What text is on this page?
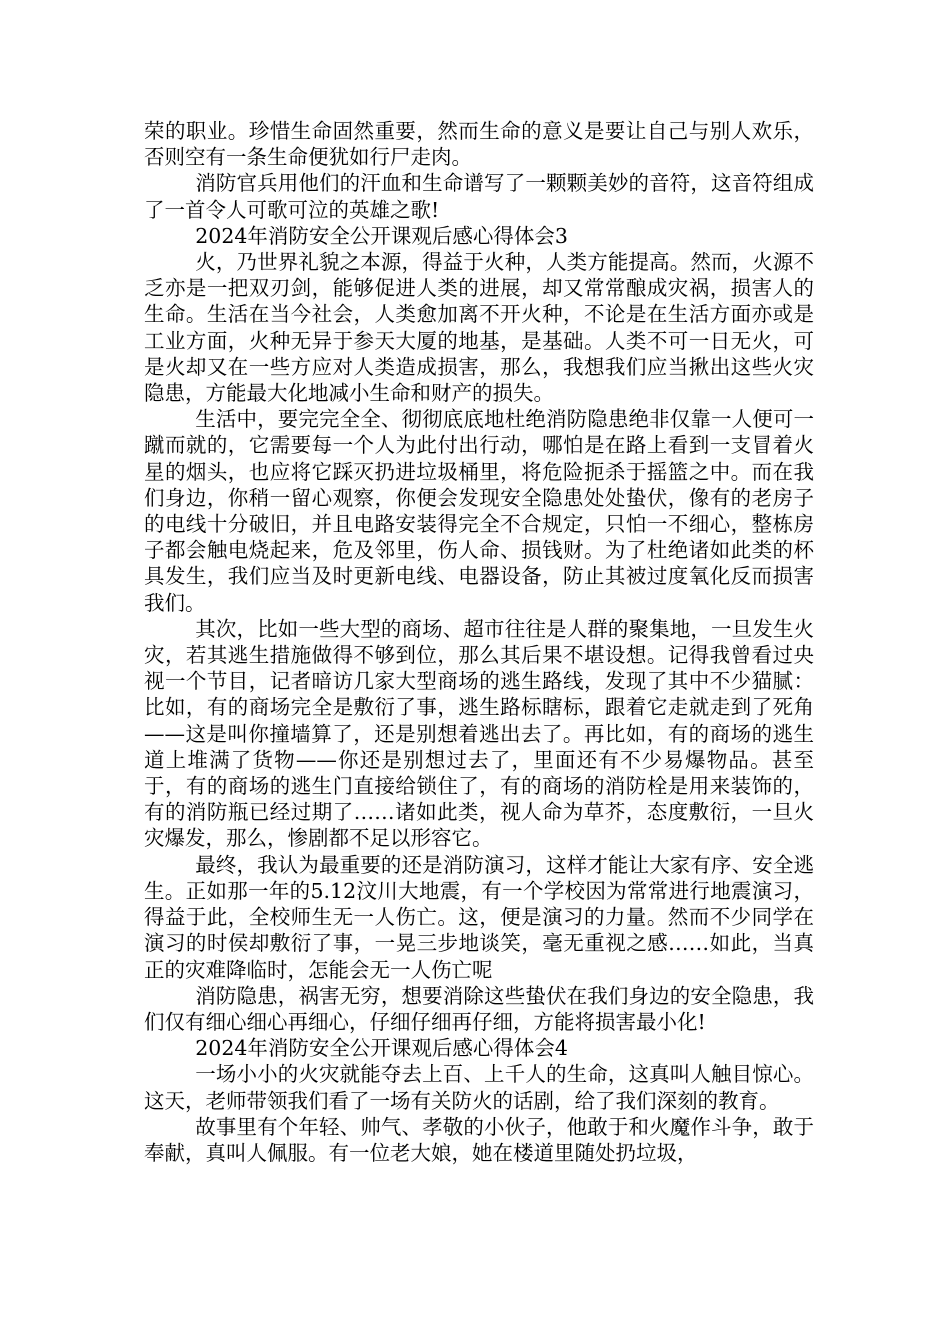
荣的职业。珍惜生命固然重要，然而生命的意义是要让自己与别人欢乐，否则空有一条生命便犹如行尸走肉。

消防官兵用他们的汗血和生命谱写了一颗颗美妙的音符，这音符组成了一首令人可歌可泣的英雄之歌!

2024年消防安全公开课观后感心得体会3

火，乃世界礼貌之本源，得益于火种，人类方能提高。然而，火源不乏亦是一把双刃剑，能够促进人类的进展，却又常常酿成灾祸，损害人的生命。生活在当今社会，人类愈加离不开火种，不论是在生活方面亦或是工业方面，火种无异于参天大厦的地基，是基础。人类不可一日无火，可是火却又在一些方应对人类造成损害，那么，我想我们应当揪出这些火灾隐患，方能最大化地减小生命和财产的损失。

生活中，要完完全全、彻彻底底地杜绝消防隐患绝非仅靠一人便可一蹴而就的，它需要每一个人为此付出行动，哪怕是在路上看到一支冒着火星的烟头，也应将它踩灭扔进垃圾桶里，将危险扼杀于摇篮之中。而在我们身边，你稍一留心观察，你便会发现安全隐患处处蛰伏，像有的老房子的电线十分破旧，并且电路安装得完全不合规定，只怕一不细心，整栋房子都会触电烧起来，危及邻里，伤人命、损钱财。为了杜绝诸如此类的杯具发生，我们应当及时更新电线、电器设备，防止其被过度氧化反而损害我们。

其次，比如一些大型的商场、超市往往是人群的聚集地，一旦发生火灾，若其逃生措施做得不够到位，那么其后果不堪设想。记得我曾看过央视一个节目，记者暗访几家大型商场的逃生路线，发现了其中不少猫腻：比如，有的商场完全是敷衍了事，逃生路标瞎标，跟着它走就走到了死角——这是叫你撞墙算了，还是别想着逃出去了。再比如，有的商场的逃生道上堆满了货物——你还是别想过去了，里面还有不少易爆物品。甚至于，有的商场的逃生门直接给锁住了，有的商场的消防栓是用来装饰的，有的消防瓶已经过期了……诸如此类，视人命为草芥，态度敷衍，一旦火灾爆发，那么，惨剧都不足以形容它。

最终，我认为最重要的还是消防演习，这样才能让大家有序、安全逃生。正如那一年的5.12汶川大地震，有一个学校因为常常进行地震演习，得益于此，全校师生无一人伤亡。这，便是演习的力量。然而不少同学在演习的时侯却敷衍了事，一晃三步地谈笑，毫无重视之感……如此，当真正的灾难降临时，怎能会无一人伤亡呢

消防隐患，祸害无穷，想要消除这些蛰伏在我们身边的安全隐患，我们仅有细心细心再细心，仔细仔细再仔细，方能将损害最小化!

2024年消防安全公开课观后感心得体会4

一场小小的火灾就能夺去上百、上千人的生命，这真叫人触目惊心。这天，老师带领我们看了一场有关防火的话剧，给了我们深刻的教育。

故事里有个年轻、帅气、孝敬的小伙子，他敢于和火魔作斗争，敢于奉献，真叫人佩服。有一位老大娘，她在楼道里随处扔垃圾，
